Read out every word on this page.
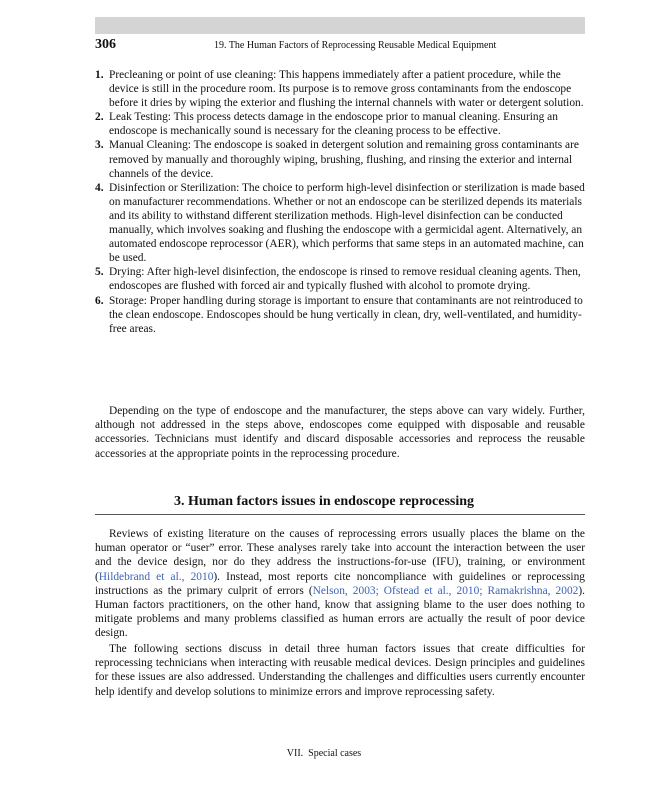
306	19. The Human Factors of Reprocessing Reusable Medical Equipment
1. Precleaning or point of use cleaning: This happens immediately after a patient procedure, while the device is still in the procedure room. Its purpose is to remove gross contaminants from the endoscope before it dries by wiping the exterior and flushing the internal channels with water or detergent solution.
2. Leak Testing: This process detects damage in the endoscope prior to manual cleaning. Ensuring an endoscope is mechanically sound is necessary for the cleaning process to be effective.
3. Manual Cleaning: The endoscope is soaked in detergent solution and remaining gross contaminants are removed by manually and thoroughly wiping, brushing, flushing, and rinsing the exterior and internal channels of the device.
4. Disinfection or Sterilization: The choice to perform high-level disinfection or sterilization is made based on manufacturer recommendations. Whether or not an endoscope can be sterilized depends its materials and its ability to withstand different sterilization methods. High-level disinfection can be conducted manually, which involves soaking and flushing the endoscope with a germicidal agent. Alternatively, an automated endoscope reprocessor (AER), which performs that same steps in an automated machine, can be used.
5. Drying: After high-level disinfection, the endoscope is rinsed to remove residual cleaning agents. Then, endoscopes are flushed with forced air and typically flushed with alcohol to promote drying.
6. Storage: Proper handling during storage is important to ensure that contaminants are not reintroduced to the clean endoscope. Endoscopes should be hung vertically in clean, dry, well-ventilated, and humidity-free areas.

Depending on the type of endoscope and the manufacturer, the steps above can vary widely. Further, although not addressed in the steps above, endoscopes come equipped with disposable and reusable accessories. Technicians must identify and discard disposable accessories and reprocess the reusable accessories at the appropriate points in the reprocessing procedure.

3. Human factors issues in endoscope reprocessing

Reviews of existing literature on the causes of reprocessing errors usually places the blame on the human operator or “user” error. These analyses rarely take into account the interaction between the user and the device design, nor do they address the instructions-for-use (IFU), training, or environment (Hildebrand et al., 2010). Instead, most reports cite noncompliance with guidelines or reprocessing instructions as the primary culprit of errors (Nelson, 2003; Ofstead et al., 2010; Ramakrishna, 2002). Human factors practitioners, on the other hand, know that assigning blame to the user does nothing to mitigate problems and many problems classified as human errors are actually the result of poor device design.

The following sections discuss in detail three human factors issues that create difficulties for reprocessing technicians when interacting with reusable medical devices. Design principles and guidelines for these issues are also addressed. Understanding the challenges and difficulties users currently encounter help identify and develop solutions to minimize errors and improve reprocessing safety.

VII. Special cases
